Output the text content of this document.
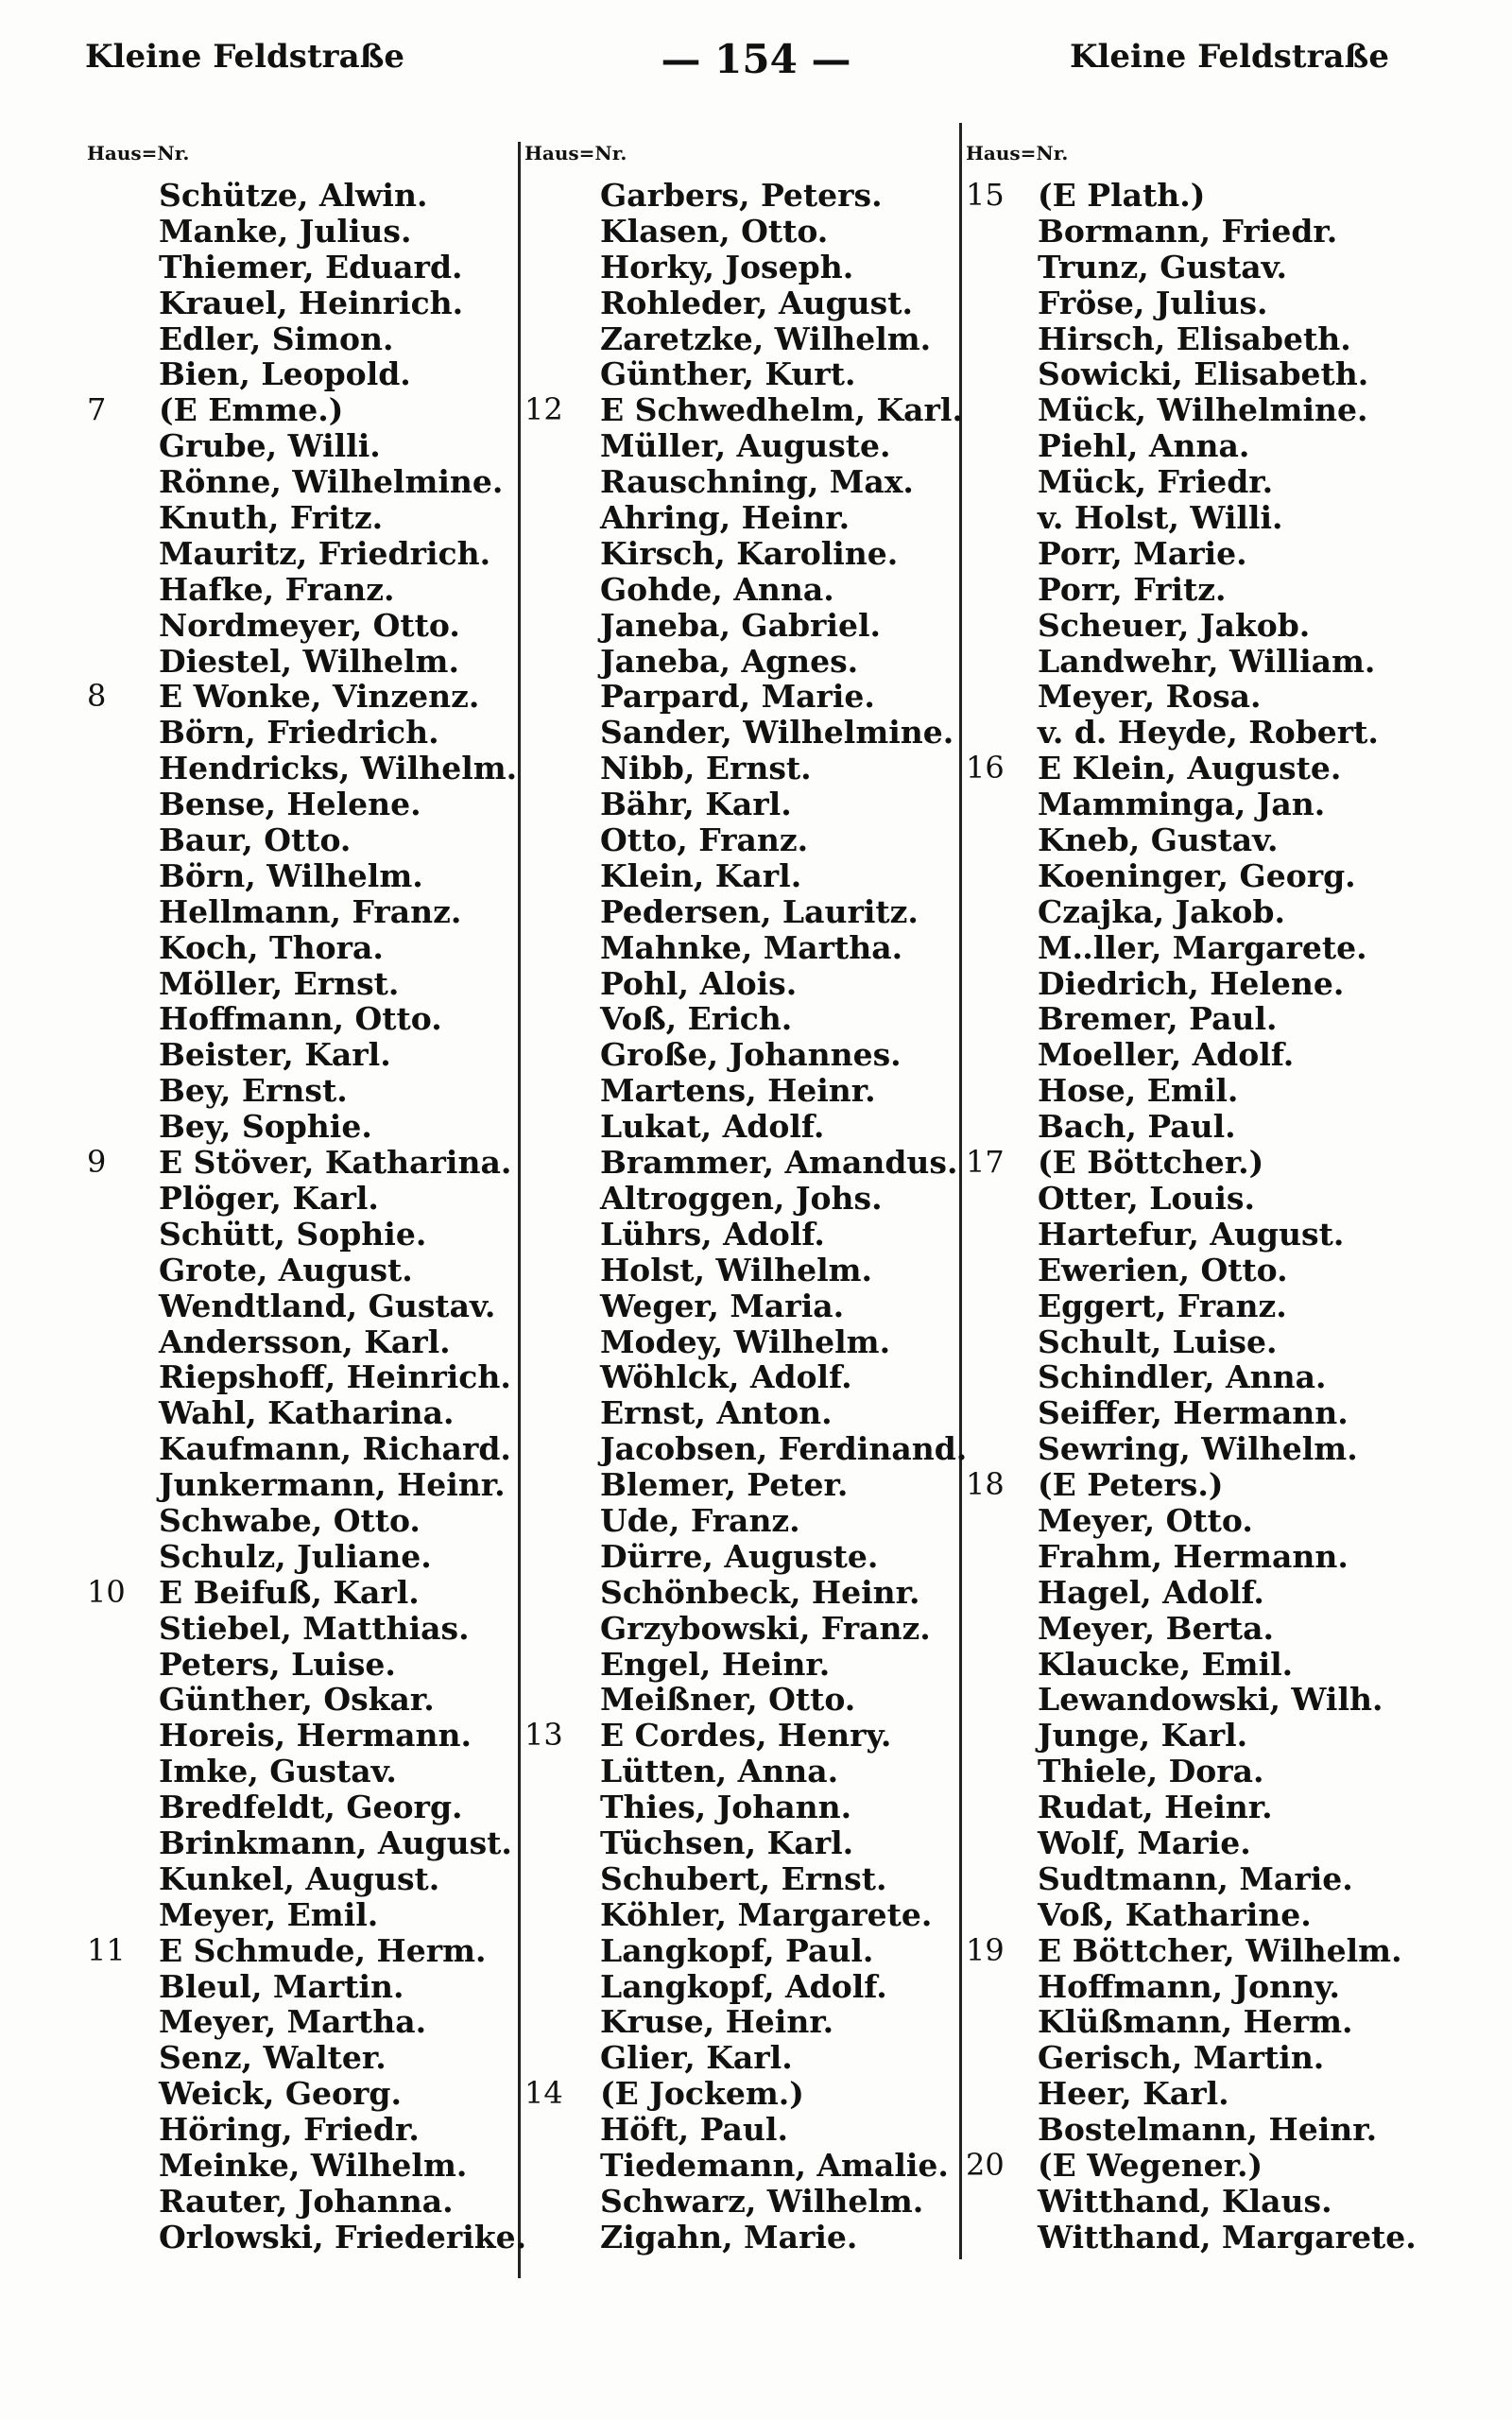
— 154 —
Kleine Feldstraße	Kleine Feldstraße
Haus=Nr.
Schütze, Alwin.
Manke, Julius.
Thiemer, Eduard.
Krauel, Heinrich.
Edler, Simon.
Bien, Leopold.
7	(E Emme.)
Grube, Willi.
Rönne, Wilhelmine.
Knuth, Fritz.
Mauritz, Friedrich.
Hafke, Franz.
Nordmeyer, Otto.
Diestel, Wilhelm.
8	E Wonke, Vinzenz.
Börn, Friedrich.
Hendricks, Wilhelm.
Bense, Helene.
Baur, Otto.
Börn, Wilhelm.
Hellmann, Franz.
Koch, Thora.
Möller, Ernst.
Hoffmann, Otto.
Beister, Karl.
Bey, Ernst.
Bey, Sophie.
9	E Stöver, Katharina.
Plöger, Karl.
Schütt, Sophie.
Grote, August.
Wendtland, Gustav.
Andersson, Karl.
Riepshoff, Heinrich.
Wahl, Katharina.
Kaufmann, Richard.
Junkermann, Heinr.
Schwabe, Otto.
Schulz, Juliane.
10	E Beifuß, Karl.
Stiebel, Matthias.
Peters, Luise.
Günther, Oskar.
Horeis, Hermann.
Imke, Gustav.
Bredfeldt, Georg.
Brinkmann, August.
Kunkel, August.
Meyer, Emil.
11	E Schmude, Herm.
Bleul, Martin.
Meyer, Martha.
Senz, Walter.
Weick, Georg.
Höring, Friedr.
Meinke, Wilhelm.
Rauter, Johanna.
Orlowski, Friederike.
Haus=Nr.
Garbers, Peters.
Klasen, Otto.
Horky, Joseph.
Rohleder, August.
Zaretzke, Wilhelm.
Günther, Kurt.
12	E Schwedhelm, Karl.
Müller, Auguste.
Rauschning, Max.
Ahring, Heinr.
Kirsch, Karoline.
Gohde, Anna.
Janeba, Gabriel.
Janeba, Agnes.
Parpard, Marie.
Sander, Wilhelmine.
Nibb, Ernst.
Bähr, Karl.
Otto, Franz.
Klein, Karl.
Pedersen, Lauritz.
Mahnke, Martha.
Pohl, Alois.
Voß, Erich.
Große, Johannes.
Martens, Heinr.
Lukat, Adolf.
Brammer, Amandus.
Altroggen, Johs.
Lührs, Adolf.
Holst, Wilhelm.
Weger, Maria.
Modey, Wilhelm.
Wöhlck, Adolf.
Ernst, Anton.
Jacobsen, Ferdinand.
Blemer, Peter.
Ude, Franz.
Dürre, Auguste.
Schönbeck, Heinr.
Grzybowski, Franz.
Engel, Heinr.
Meißner, Otto.
13	E Cordes, Henry.
Lütten, Anna.
Thies, Johann.
Tüchsen, Karl.
Schubert, Ernst.
Köhler, Margarete.
Langkopf, Paul.
Langkopf, Adolf.
Kruse, Heinr.
Glier, Karl.
14	(E Jockem.)
Höft, Paul.
Tiedemann, Amalie.
Schwarz, Wilhelm.
Zigahn, Marie.
Haus=Nr.
15	(E Plath.)
Bormann, Friedr.
Trunz, Gustav.
Fröse, Julius.
Hirsch, Elisabeth.
Sowicki, Elisabeth.
Mück, Wilhelmine.
Piehl, Anna.
Mück, Friedr.
v. Holst, Willi.
Porr, Marie.
Porr, Fritz.
Scheuer, Jakob.
Landwehr, William.
Meyer, Rosa.
v. d. Heyde, Robert.
16	E Klein, Auguste.
Mamminga, Jan.
Kneb, Gustav.
Koeninger, Georg.
Czajka, Jakob.
M‥ller, Margarete.
Diedrich, Helene.
Bremer, Paul.
Moeller, Adolf.
Hose, Emil.
Bach, Paul.
17	(E Böttcher.)
Otter, Louis.
Hartefur, August.
Ewerien, Otto.
Eggert, Franz.
Schult, Luise.
Schindler, Anna.
Seiffer, Hermann.
Sewring, Wilhelm.
18	(E Peters.)
Meyer, Otto.
Frahm, Hermann.
Hagel, Adolf.
Meyer, Berta.
Klaucke, Emil.
Lewandowski, Wilh.
Junge, Karl.
Thiele, Dora.
Rudat, Heinr.
Wolf, Marie.
Sudtmann, Marie.
Voß, Katharine.
19	E Böttcher, Wilhelm.
Hoffmann, Jonny.
Klüßmann, Herm.
Gerisch, Martin.
Heer, Karl.
Bostelmann, Heinr.
20	(E Wegener.)
Witthand, Klaus.
Witthand, Margarete.
